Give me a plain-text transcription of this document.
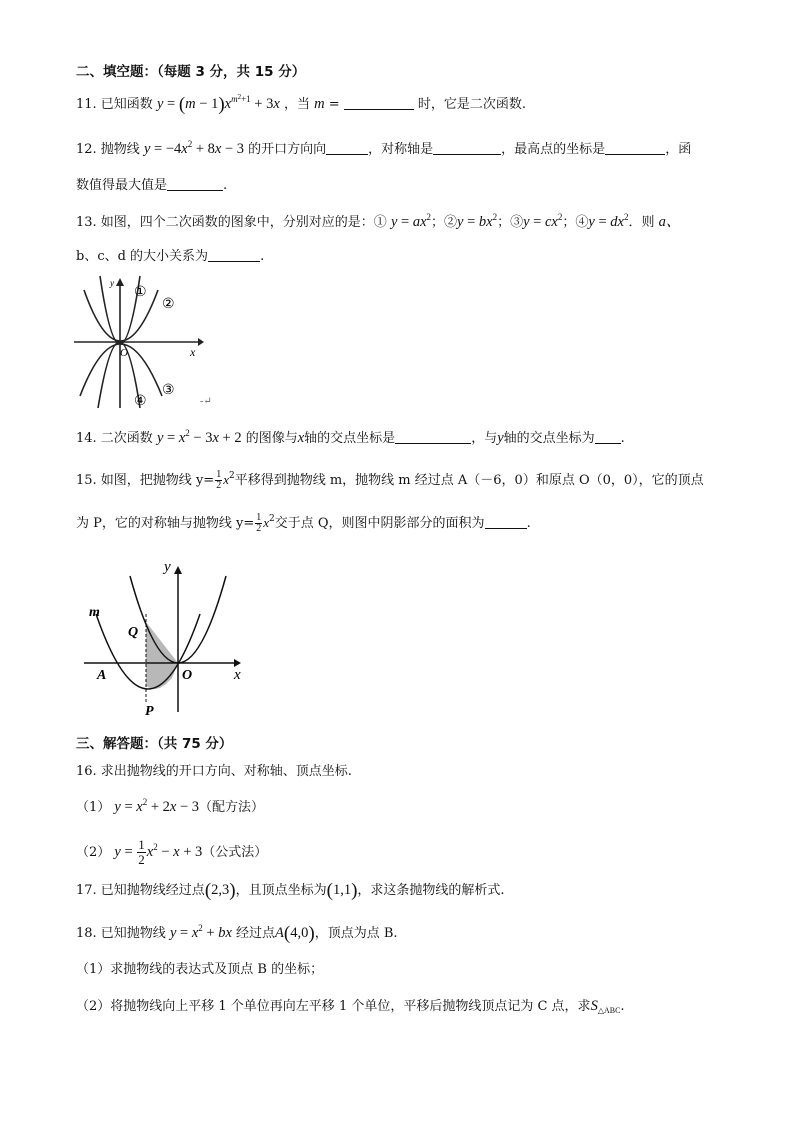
二、填空题：（每题 3 分，共 15 分）
11. 已知函数 $y = (m - 1)x^{m^2+1} + 3x$ ，当 m =	时，它是二次函数.
12. 抛物线 $y = -4x^2 + 8x - 3$ 的开口方向向	，对称轴是	，最高点的坐标是	，函
数值得最大值是	.
13. 如图，四个二次函数的图象中，分别对应的是：① $y = ax^2$；②y = $bx^2$；③y = $cx^2$；④y = $dx^2$．则 a、
b、c、d 的大小关系为	.
O	x
y
①
②
③
④	-↵
14. 二次函数 $y = x^2 - 3x + 2$ 的图像与x轴的交点坐标是	，与y轴的交点坐标为 .
15. 如图，把抛物线 $y= \frac{1}{2} x^2$平移得到抛物线 m，抛物线 m 经过点 A（－6，0）和原点 O（0，0），它的顶点
为 P，它的对称轴与抛物线 $y= \frac{1}{2} x^2$交于点 Q，则图中阴影部分的面积为	.
y
x
m
Q
A	O
P
三、解答题：（共 75 分）
16. 求出抛物线的开口方向、对称轴、顶点坐标.
（1） $y = x^2 + 2x - 3$（配方法）
（2） $y = \frac{1}{2} x^2 - x + 3$（公式法）
17. 已知抛物线经过点(2,3)，且顶点坐标为(1,1)，求这条抛物线的解析式.
18. 已知抛物线 $y = x^2$ + bx 经过点A(4,0)，顶点为点 B.
（1）求抛物线的表达式及顶点 B 的坐标；
（2）将抛物线向上平移 1 个单位再向左平移 1 个单位，平移后抛物线顶点记为 C 点，求$S_{\triangle ABC}$.
